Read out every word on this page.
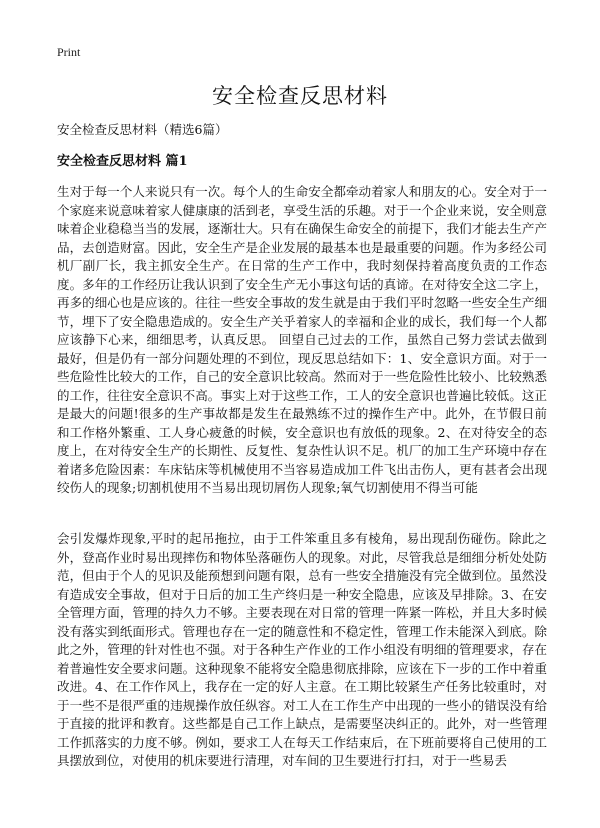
Print
安全检查反思材料

安全检查反思材料（精选6篇）

安全检查反思材料 篇1

生对于每一个人来说只有一次。每个人的生命安全都牵动着家人和朋友的心。安全对于一个家庭来说意味着家人健康康的活到老，享受生活的乐趣。对于一个企业来说，安全则意味着企业稳稳当当的发展，逐渐壮大。只有在确保生命安全的前提下，我们才能去生产产品，去创造财富。因此，安全生产是企业发展的最基本也是最重要的问题。作为多经公司机厂副厂长，我主抓安全生产。在日常的生产工作中，我时刻保持着高度负责的工作态度。多年的工作经历让我认识到了安全生产无小事这句话的真谛。在对待安全这二字上，再多的细心也是应该的。往往一些安全事故的发生就是由于我们平时忽略一些安全生产细节，埋下了安全隐患造成的。安全生产关乎着家人的幸福和企业的成长，我们每一个人都应该静下心来，细细思考，认真反思。 回望自己过去的工作，虽然自己努力尝试去做到最好，但是仍有一部分问题处理的不到位，现反思总结如下：1、安全意识方面。对于一些危险性比较大的工作，自己的安全意识比较高。然而对于一些危险性比较小、比较熟悉的工作，往往安全意识不高。事实上对于这些工作，工人的安全意识也普遍比较低。这正是最大的问题!很多的生产事故都是发生在最熟练不过的操作生产中。此外，在节假日前和工作格外繁重、工人身心疲惫的时候，安全意识也有放低的现象。2、在对待安全的态度上，在对待安全生产的长期性、反复性、复杂性认识不足。机厂的加工生产环境中存在着诸多危险因素：车床钻床等机械使用不当容易造成加工件飞出击伤人，更有甚者会出现绞伤人的现象;切割机使用不当易出现切屑伤人现象;氧气切割使用不得当可能

会引发爆炸现象,平时的起吊拖拉，由于工件笨重且多有棱角，易出现刮伤碰伤。除此之外，登高作业时易出现摔伤和物体坠落砸伤人的现象。对此，尽管我总是细细分析处处防范，但由于个人的见识及能预想到问题有限，总有一些安全措施没有完全做到位。虽然没有造成安全事故，但对于日后的加工生产终归是一种安全隐患，应该及早排除。3、在安全管理方面，管理的持久力不够。主要表现在对日常的管理一阵紧一阵松，并且大多时候没有落实到纸面形式。管理也存在一定的随意性和不稳定性，管理工作未能深入到底。除此之外，管理的针对性也不强。对于各种生产作业的工作小组没有明细的管理要求，存在着普遍性安全要求问题。这种现象不能将安全隐患彻底排除，应该在下一步的工作中着重改进。4、在工作作风上，我存在一定的好人主意。在工期比较紧生产任务比较重时，对于一些不是很严重的违规操作放任纵容。对工人在工作生产中出现的一些小的错误没有给于直接的批评和教育。这些都是自己工作上缺点，是需要坚决纠正的。此外，对一些管理工作抓落实的力度不够。例如，要求工人在每天工作结束后，在下班前要将自己使用的工具摆放到位，对使用的机床要进行清理，对车间的卫生要进行打扫，对于一些易丢
